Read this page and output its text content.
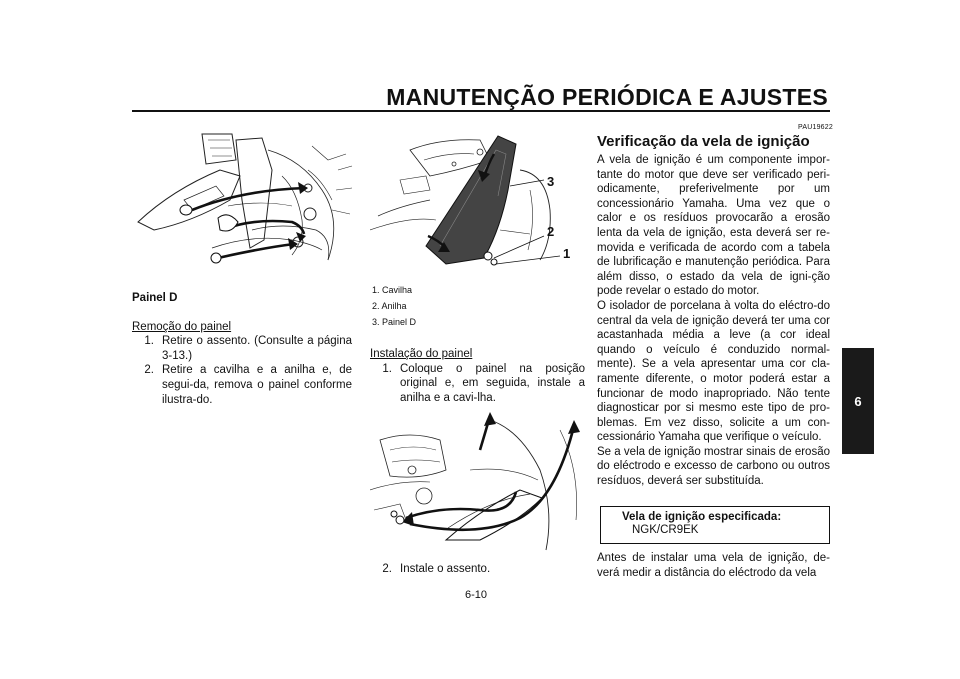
MANUTENÇÃO PERIÓDICA E AJUSTES
6
3
2
1
Painel D
Remoção do painel
1. Retire o assento. (Consulte a página 3-13.)
2. Retire a cavilha e a anilha e, de segui-da, remova o painel conforme ilustra-do.
1. Cavilha
2. Anilha
3. Painel D
Instalação do painel
1. Coloque o painel na posição original e, em seguida, instale a anilha e a cavi-lha.
2. Instale o assento.
PAU19622
Verificação da vela de ignição

A vela de ignição é um componente impor-tante do motor que deve ser verificado peri-odicamente, preferivelmente por um concessionário Yamaha. Uma vez que o calor e os resíduos provocarão a erosão lenta da vela de ignição, esta deverá ser re-movida e verificada de acordo com a tabela de lubrificação e manutenção periódica. Para além disso, o estado da vela de igni-ção pode revelar o estado do motor.

O isolador de porcelana à volta do eléctro-do central da vela de ignição deverá ter uma cor acastanhada média a leve (a cor ideal quando o veículo é conduzido normal-mente). Se a vela apresentar uma cor cla-ramente diferente, o motor poderá estar a funcionar de modo inapropriado. Não tente diagnosticar por si mesmo este tipo de pro-blemas. Em vez disso, solicite a um con-cessionário Yamaha que verifique o veículo.

Se a vela de ignição mostrar sinais de erosão do eléctrodo e excesso de carbono ou outros resíduos, deverá ser substituída.

Vela de ignição especificada:
NGK/CR9EK

Antes de instalar uma vela de ignição, de-verá medir a distância do eléctrodo da vela

6-10
